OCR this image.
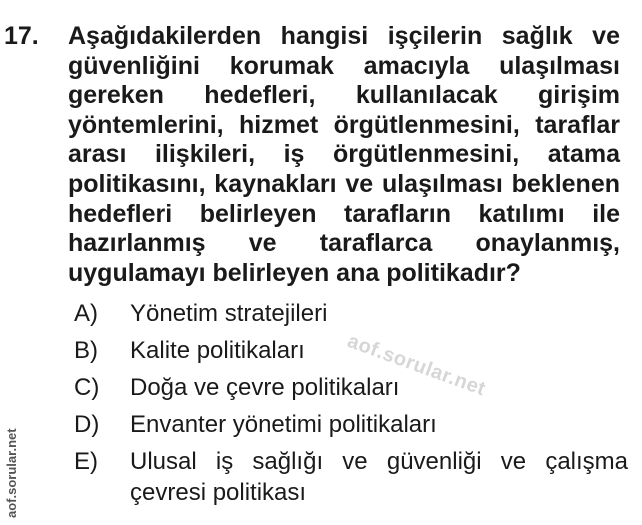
17. Aşağıdakilerden hangisi işçilerin sağlık ve güvenliğini korumak amacıyla ulaşılması gereken hedefleri, kullanılacak girişim yöntemlerini, hizmet örgütlenmesini, taraflar arası ilişkileri, iş örgütlenmesini, atama politikasını, kaynakları ve ulaşılması beklenen hedefleri belirleyen tarafların katılımı ile hazırlanmış ve taraflarca onaylanmış, uygulamayı belirleyen ana politikadır?
A)	Yönetim stratejileri
B)	Kalite politikaları
C)	Doğa ve çevre politikaları
D)	Envanter yönetimi politikaları
E)	Ulusal iş sağlığı ve güvenliği ve çalışma çevresi politikası
aof.sorular.net
aof.sorular.net
